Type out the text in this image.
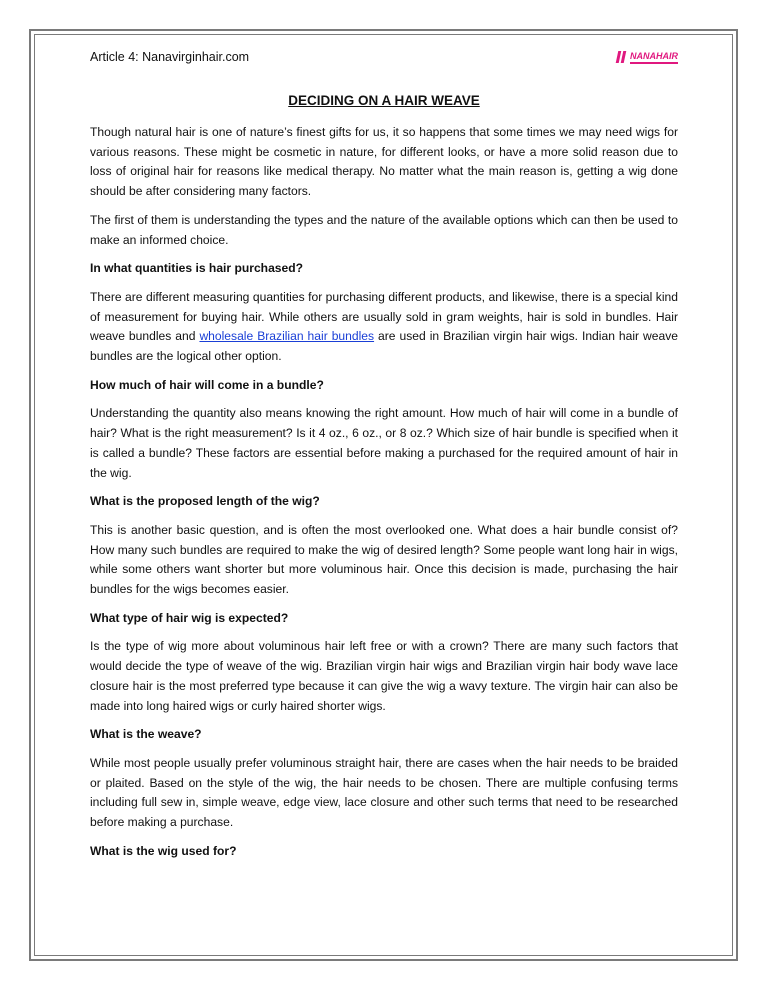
Article 4: Nanavirginhair.com	NANAHAIR
DECIDING ON A HAIR WEAVE

Though natural hair is one of nature’s finest gifts for us, it so happens that some times we may need wigs for various reasons. These might be cosmetic in nature, for different looks, or have a more solid reason due to loss of original hair for reasons like medical therapy. No matter what the main reason is, getting a wig done should be after considering many factors.

The first of them is understanding the types and the nature of the available options which can then be used to make an informed choice.

In what quantities is hair purchased?

There are different measuring quantities for purchasing different products, and likewise, there is a special kind of measurement for buying hair. While others are usually sold in gram weights, hair is sold in bundles. Hair weave bundles and wholesale Brazilian hair bundles are used in Brazilian virgin hair wigs. Indian hair weave bundles are the logical other option.

How much of hair will come in a bundle?

Understanding the quantity also means knowing the right amount. How much of hair will come in a bundle of hair? What is the right measurement? Is it 4 oz., 6 oz., or 8 oz.? Which size of hair bundle is specified when it is called a bundle? These factors are essential before making a purchased for the required amount of hair in the wig.

What is the proposed length of the wig?

This is another basic question, and is often the most overlooked one. What does a hair bundle consist of? How many such bundles are required to make the wig of desired length? Some people want long hair in wigs, while some others want shorter but more voluminous hair. Once this decision is made, purchasing the hair bundles for the wigs becomes easier.

What type of hair wig is expected?

Is the type of wig more about voluminous hair left free or with a crown? There are many such factors that would decide the type of weave of the wig. Brazilian virgin hair wigs and Brazilian virgin hair body wave lace closure hair is the most preferred type because it can give the wig a wavy texture. The virgin hair can also be made into long haired wigs or curly haired shorter wigs.

What is the weave?

While most people usually prefer voluminous straight hair, there are cases when the hair needs to be braided or plaited. Based on the style of the wig, the hair needs to be chosen. There are multiple confusing terms including full sew in, simple weave, edge view, lace closure and other such terms that need to be researched before making a purchase.

What is the wig used for?
